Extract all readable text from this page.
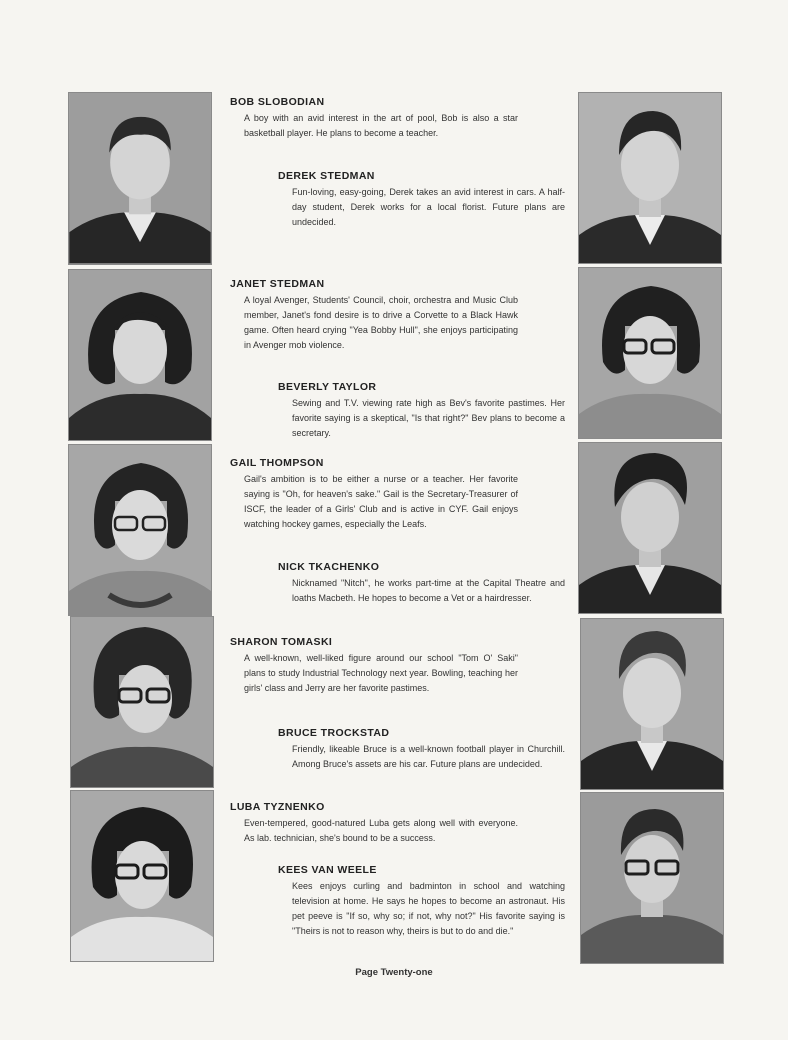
BOB SLOBODIAN

A boy with an avid interest in the art of pool, Bob is also a star basketball player. He plans to become a teacher.

DEREK STEDMAN

Fun-loving, easy-going, Derek takes an avid interest in cars. A half-day student, Derek works for a local florist. Future plans are undecided.

JANET STEDMAN

A loyal Avenger, Students' Council, choir, orchestra and Music Club member, Janet's fond desire is to drive a Corvette to a Black Hawk game. Often heard crying "Yea Bobby Hull", she enjoys participating in Avenger mob violence.

BEVERLY TAYLOR

Sewing and T.V. viewing rate high as Bev's favorite pastimes. Her favorite saying is a skeptical, "Is that right?" Bev plans to become a secretary.

GAIL THOMPSON

Gail's ambition is to be either a nurse or a teacher. Her favorite saying is "Oh, for heaven's sake." Gail is the Secretary-Treasurer of ISCF, the leader of a Girls' Club and is active in CYF. Gail enjoys watching hockey games, especially the Leafs.

NICK TKACHENKO

Nicknamed "Nitch", he works part-time at the Capital Theatre and loaths Macbeth. He hopes to become a Vet or a hairdresser.

SHARON TOMASKI

A well-known, well-liked figure around our school "Tom O' Saki" plans to study Industrial Technology next year. Bowling, teaching her girls' class and Jerry are her favorite pastimes.

BRUCE TROCKSTAD

Friendly, likeable Bruce is a well-known football player in Churchill. Among Bruce's assets are his car. Future plans are undecided.

LUBA TYZNENKO

Even-tempered, good-natured Luba gets along well with everyone. As lab. technician, she's bound to be a success.

KEES VAN WEELE

Kees enjoys curling and badminton in school and watching television at home. He says he hopes to become an astronaut. His pet peeve is "If so, why so; if not, why not?" His favorite saying is "Theirs is not to reason why, theirs is but to do and die."

Page Twenty-one
